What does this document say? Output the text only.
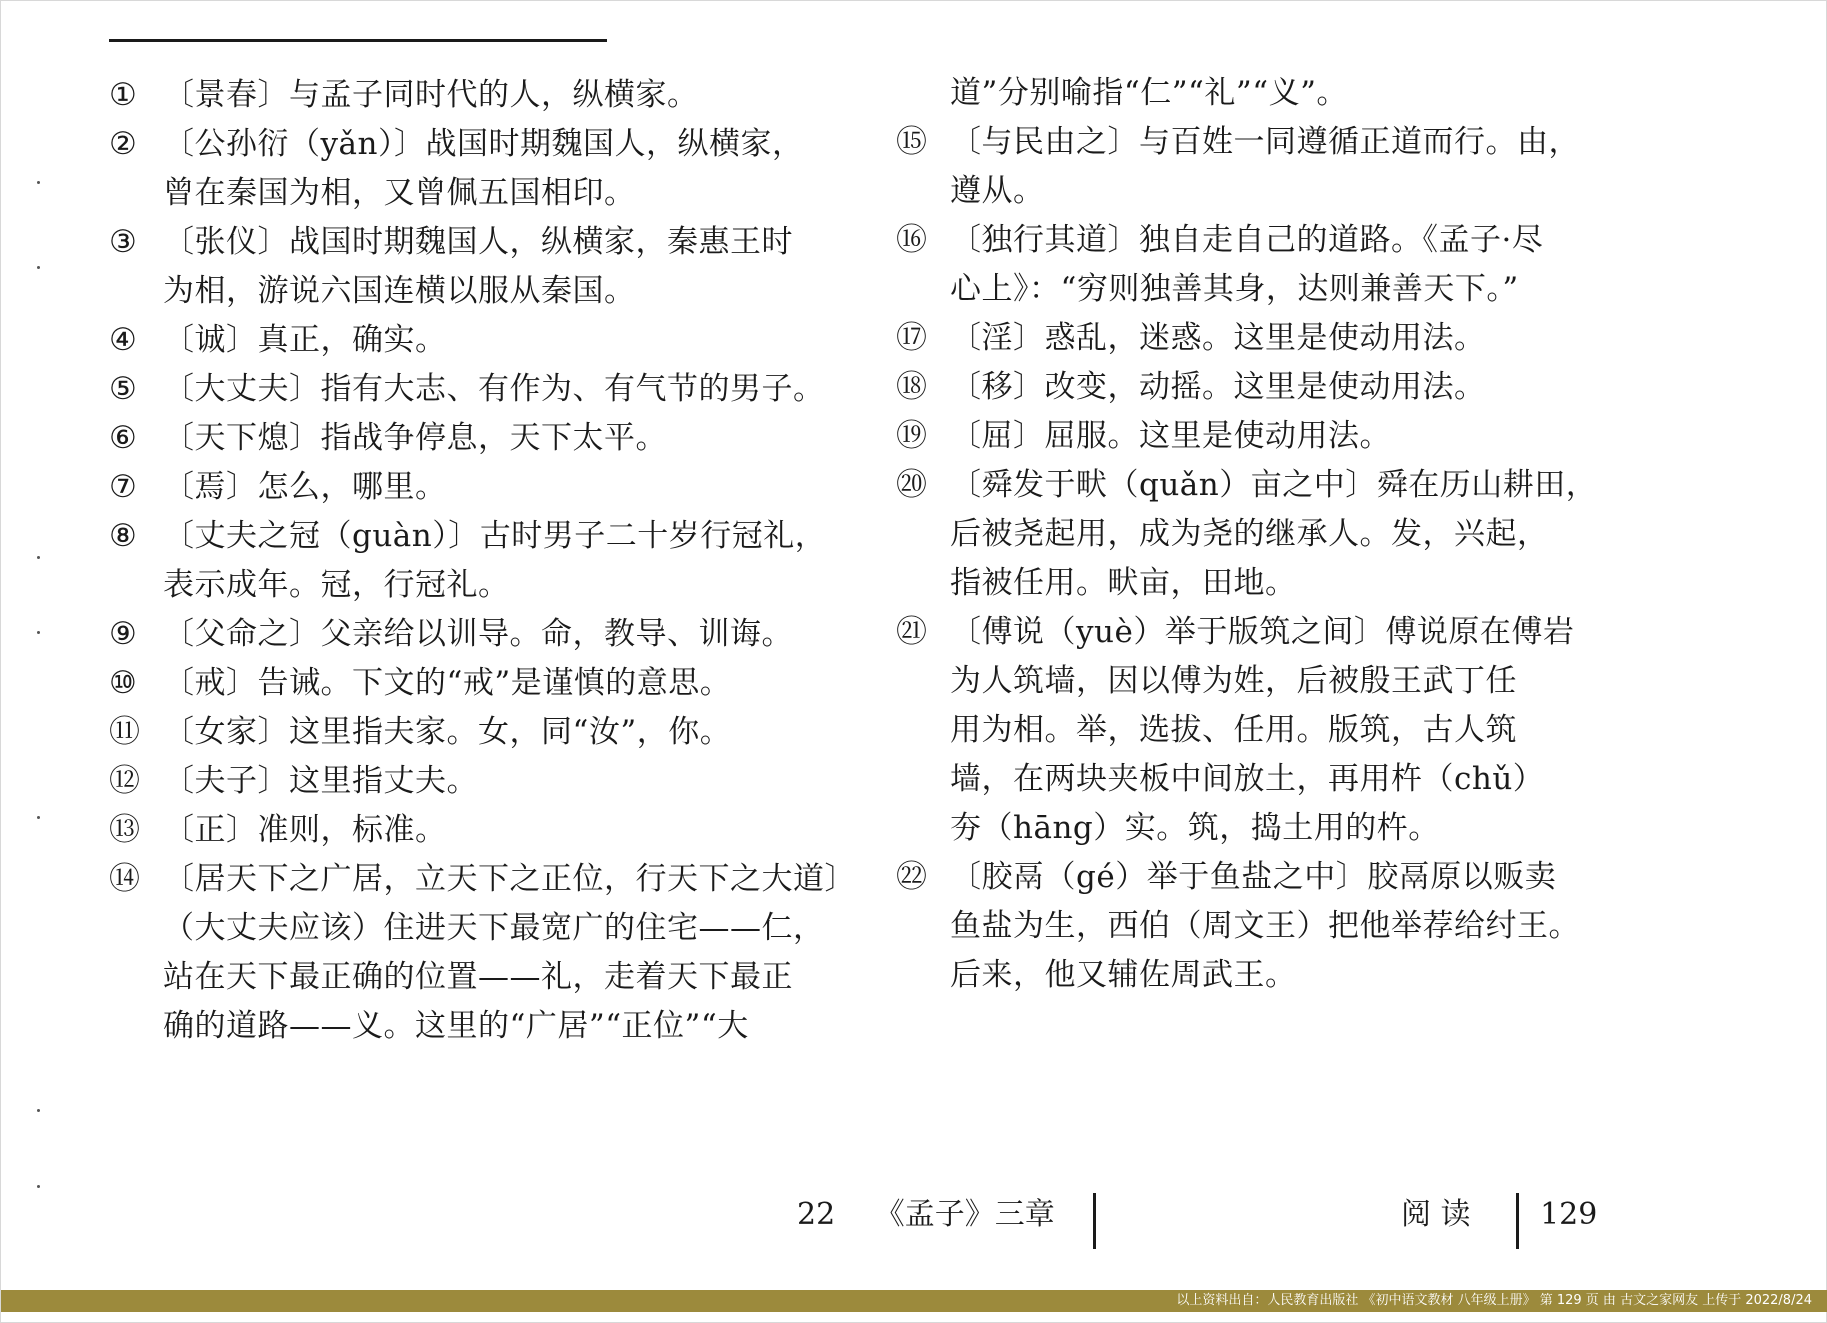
① 〔景春〕与孟子同时代的人，纵横家。
② 〔公孙衍（yǎn）〕战国时期魏国人，纵横家，
曾在秦国为相，又曾佩五国相印。
③ 〔张仪〕战国时期魏国人，纵横家，秦惠王时
为相，游说六国连横以服从秦国。
④ 〔诚〕真正，确实。
⑤ 〔大丈夫〕指有大志、有作为、有气节的男子。
⑥ 〔天下熄〕指战争停息，天下太平。
⑦ 〔焉〕怎么，哪里。
⑧ 〔丈夫之冠（guàn）〕古时男子二十岁行冠礼，
表示成年。冠，行冠礼。
⑨ 〔父命之〕父亲给以训导。命，教导、训诲。
⑩ 〔戒〕告诫。下文的“戒”是谨慎的意思。
⑪ 〔女家〕这里指夫家。女，同“汝”，你。
⑫ 〔夫子〕这里指丈夫。
⑬ 〔正〕准则，标准。
⑭ 〔居天下之广居，立天下之正位，行天下之大道〕
（大丈夫应该）住进天下最宽广的住宅——仁，
站在天下最正确的位置——礼，走着天下最正
确的道路——义。这里的“广居”“正位”“大
道”分别喻指“仁”“礼”“义”。
⑮ 〔与民由之〕与百姓一同遵循正道而行。由，
遵从。
⑯ 〔独行其道〕独自走自己的道路。《孟子·尽
心上》：“穷则独善其身，达则兼善天下。”
⑰ 〔淫〕惑乱，迷惑。这里是使动用法。
⑱ 〔移〕改变，动摇。这里是使动用法。
⑲ 〔屈〕屈服。这里是使动用法。
⑳ 〔舜发于畎（quǎn）亩之中〕舜在历山耕田，
后被尧起用，成为尧的继承人。发，兴起，
指被任用。畎亩，田地。
㉑ 〔傅说（yuè）举于版筑之间〕傅说原在傅岩
为人筑墙，因以傅为姓，后被殷王武丁任
用为相。举，选拔、任用。版筑，古人筑
墙，在两块夹板中间放土，再用杵（chǔ）
夯（hāng）实。筑，捣土用的杵。
㉒ 〔胶鬲（gé）举于鱼盐之中〕胶鬲原以贩卖
鱼盐为生，西伯（周文王）把他举荐给纣王。
后来，他又辅佐周武王。
22 《孟子》三章	阅 读 129
以上资料出自：人民教育出版社 《初中语文教材 八年级上册》 第 129 页 由 古文之家网友 上传于 2022/8/24
